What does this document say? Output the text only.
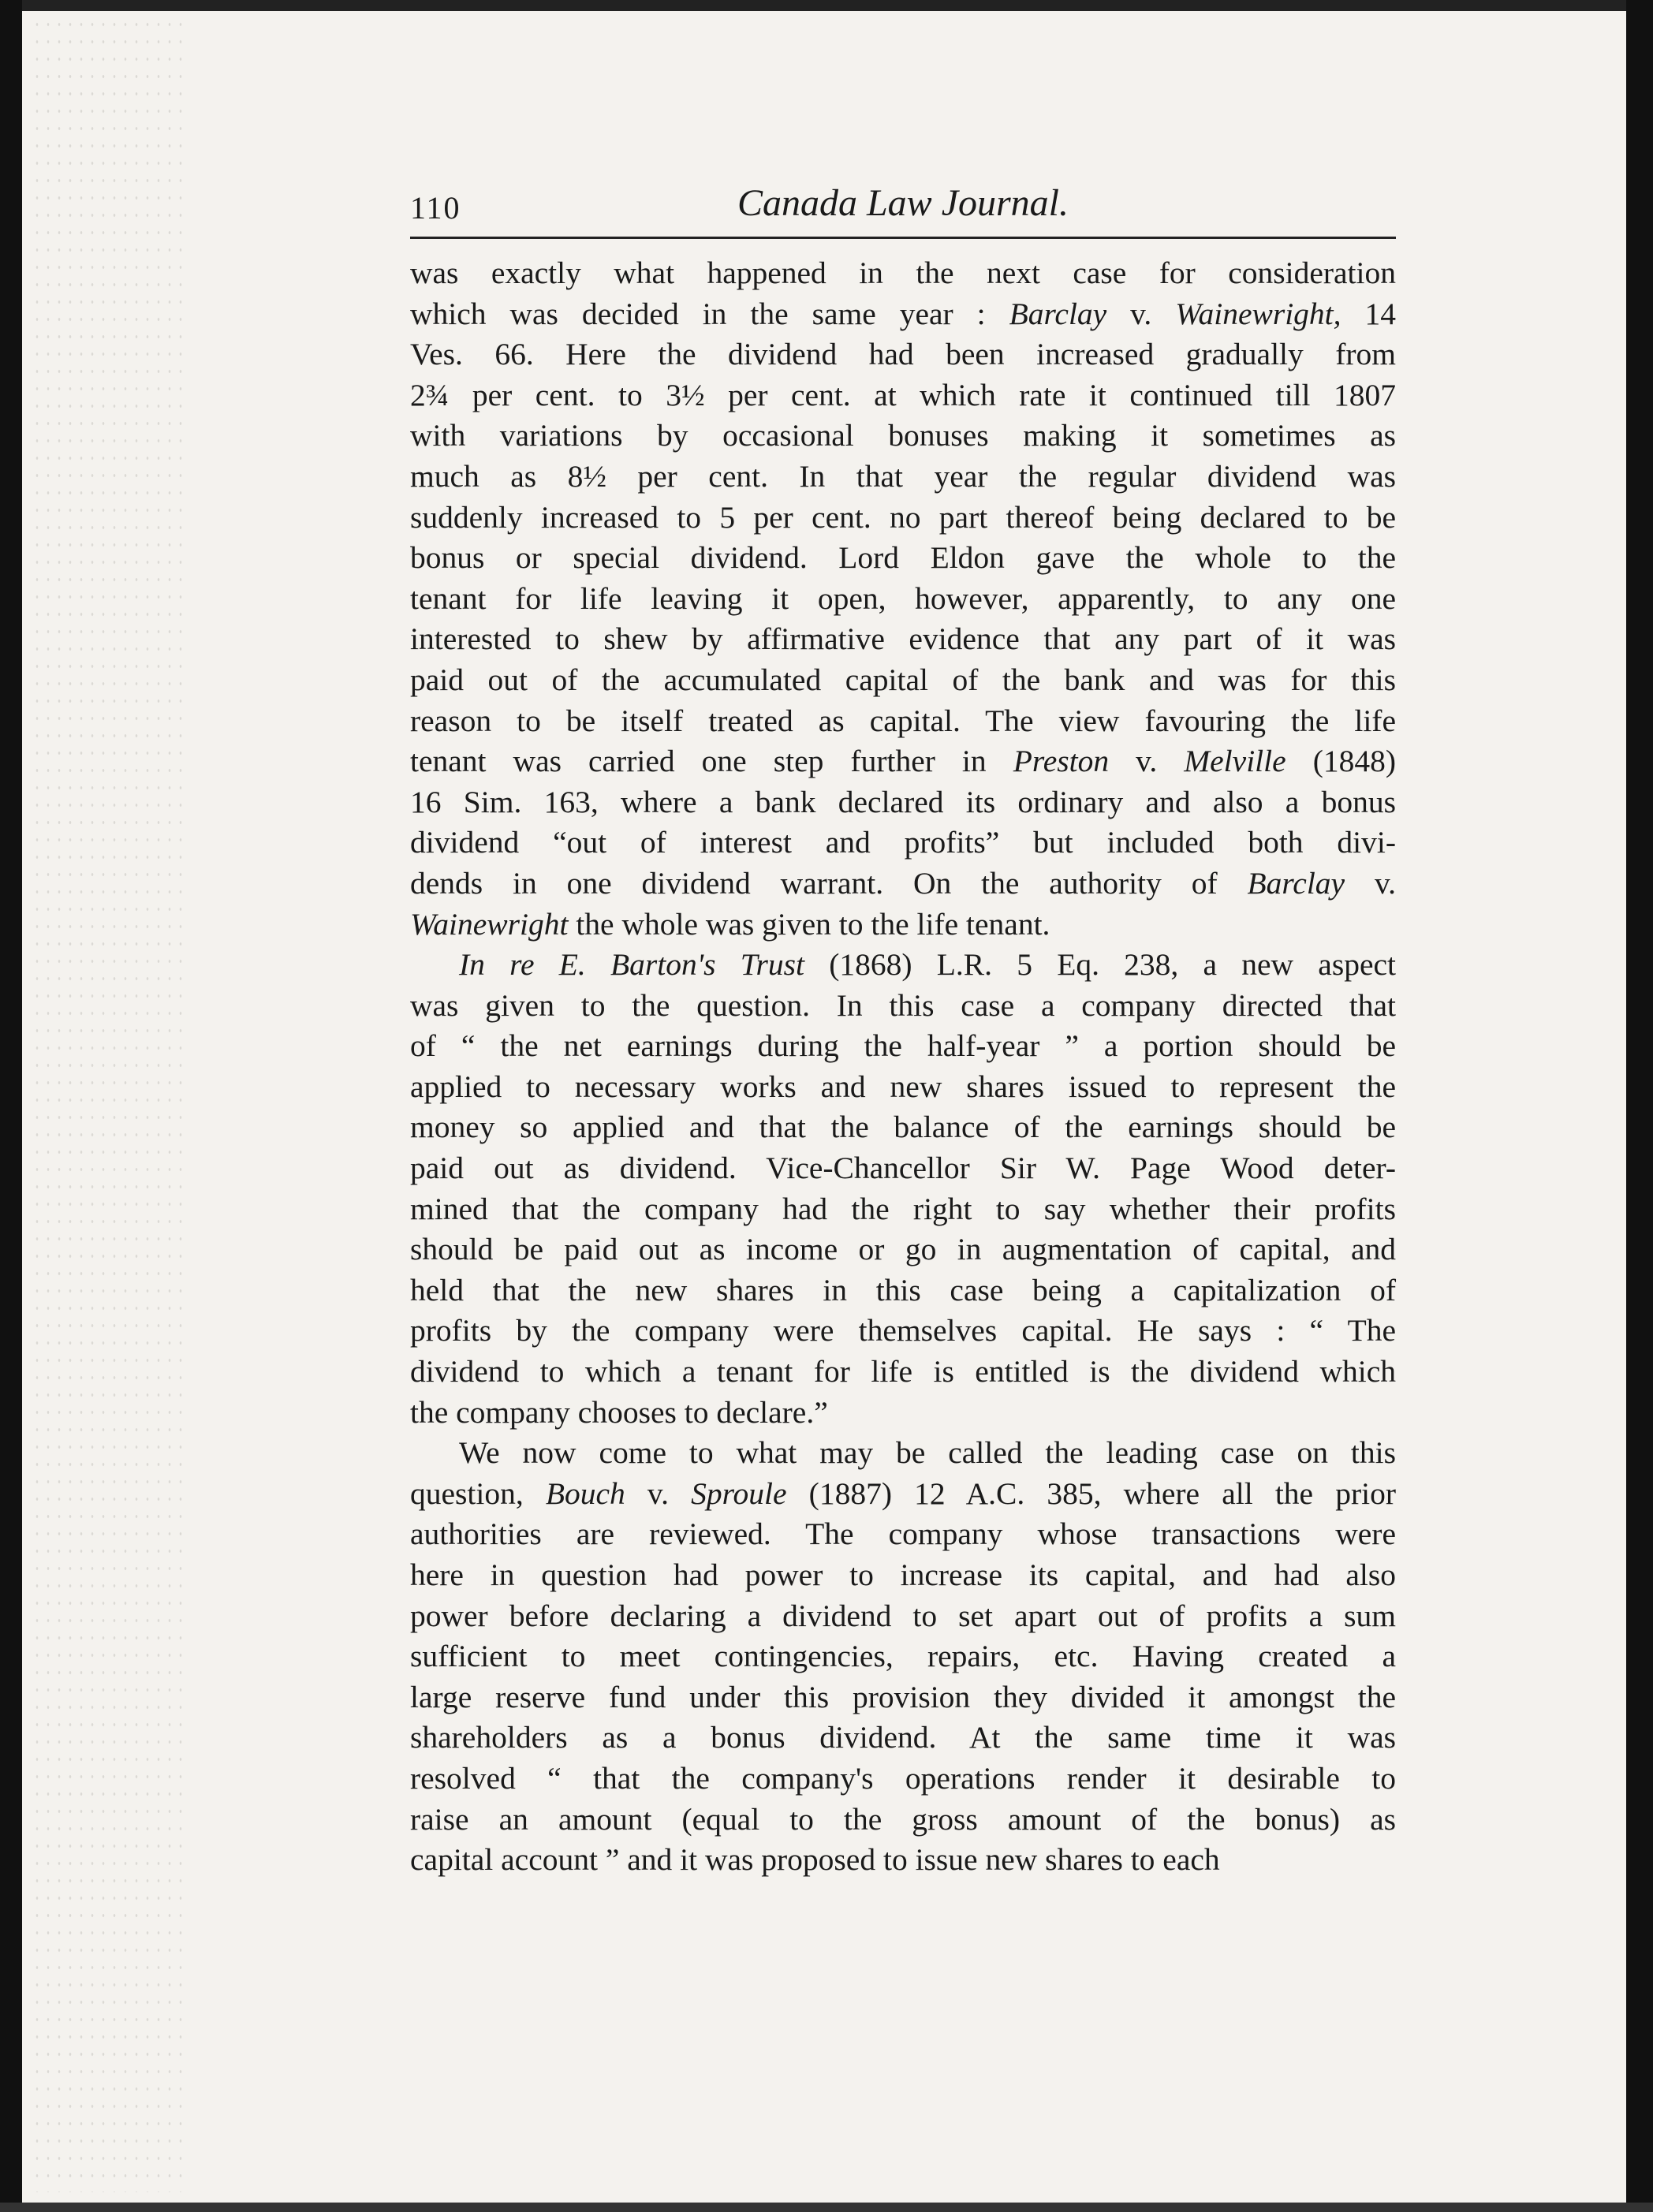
110	Canada Law Journal.

was exactly what happened in the next case for consideration
which was decided in the same year : Barclay v. Wainewright, 14
Ves. 66. Here the dividend had been increased gradually from
2¾ per cent. to 3½ per cent. at which rate it continued till 1807
with variations by occasional bonuses making it sometimes as
much as 8½ per cent. In that year the regular dividend was
suddenly increased to 5 per cent. no part thereof being declared to be
bonus or special dividend. Lord Eldon gave the whole to the
tenant for life leaving it open, however, apparently, to any one
interested to shew by affirmative evidence that any part of it was
paid out of the accumulated capital of the bank and was for this
reason to be itself treated as capital. The view favouring the life
tenant was carried one step further in Preston v. Melville (1848)
16 Sim. 163, where a bank declared its ordinary and also a bonus
dividend “out of interest and profits” but included both divi-
dends in one dividend warrant. On the authority of Barclay v.
Wainewright the whole was given to the life tenant.

In re E. Barton's Trust (1868) L.R. 5 Eq. 238, a new aspect
was given to the question. In this case a company directed that
of “ the net earnings during the half-year ” a portion should be
applied to necessary works and new shares issued to represent the
money so applied and that the balance of the earnings should be
paid out as dividend. Vice-Chancellor Sir W. Page Wood deter-
mined that the company had the right to say whether their profits
should be paid out as income or go in augmentation of capital, and
held that the new shares in this case being a capitalization of
profits by the company were themselves capital. He says : “ The
dividend to which a tenant for life is entitled is the dividend which
the company chooses to declare.”

We now come to what may be called the leading case on this
question, Bouch v. Sproule (1887) 12 A.C. 385, where all the prior
authorities are reviewed. The company whose transactions were
here in question had power to increase its capital, and had also
power before declaring a dividend to set apart out of profits a sum
sufficient to meet contingencies, repairs, etc. Having created a
large reserve fund under this provision they divided it amongst the
shareholders as a bonus dividend. At the same time it was
resolved “ that the company's operations render it desirable to
raise an amount (equal to the gross amount of the bonus) as
capital account ” and it was proposed to issue new shares to each
